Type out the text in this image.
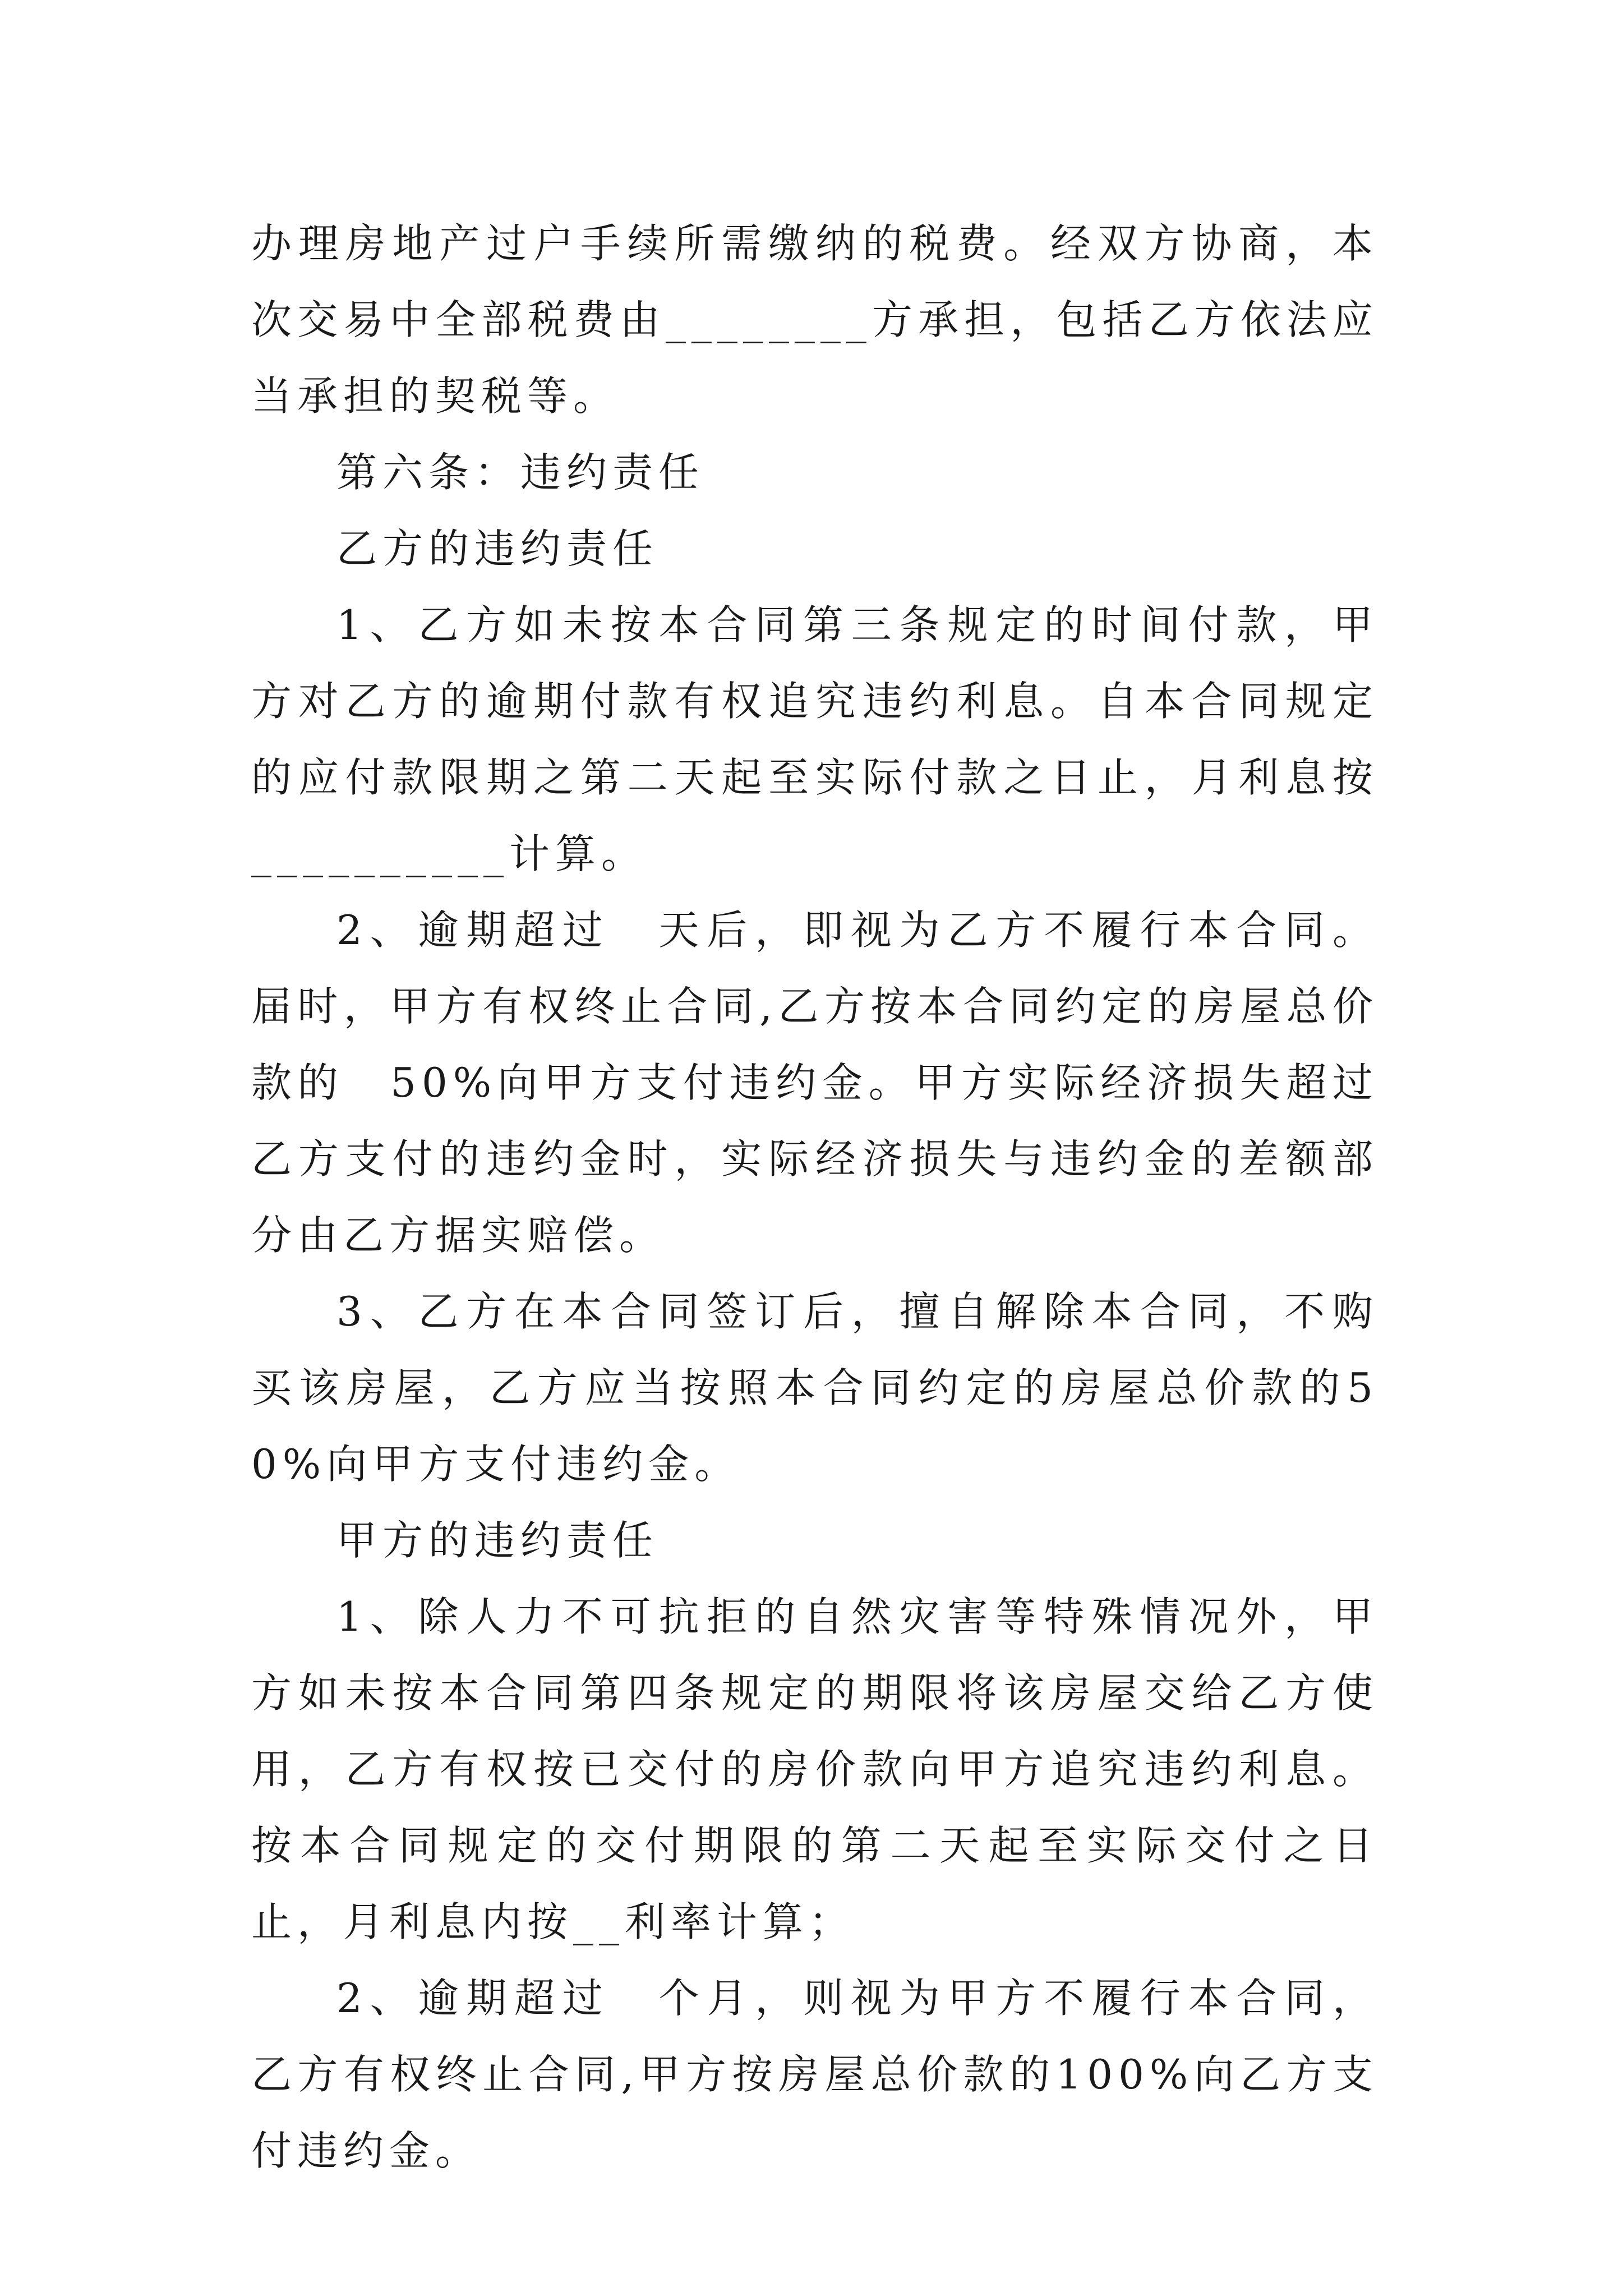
办理房地产过户手续所需缴纳的税费。经双方协商，本次交易中全部税费由________方承担，包括乙方依法应当承担的契税等。

第六条：违约责任

乙方的违约责任

1、乙方如未按本合同第三条规定的时间付款，甲方对乙方的逾期付款有权追究违约利息。自本合同规定的应付款限期之第二天起至实际付款之日止，月利息按__________计算。

2、逾期超过　天后，即视为乙方不履行本合同。届时，甲方有权终止合同,乙方按本合同约定的房屋总价款的　50%向甲方支付违约金。甲方实际经济损失超过乙方支付的违约金时，实际经济损失与违约金的差额部分由乙方据实赔偿。

3、乙方在本合同签订后，擅自解除本合同，不购买该房屋，乙方应当按照本合同约定的房屋总价款的50%向甲方支付违约金。

甲方的违约责任

1、除人力不可抗拒的自然灾害等特殊情况外，甲方如未按本合同第四条规定的期限将该房屋交给乙方使用，乙方有权按已交付的房价款向甲方追究违约利息。按本合同规定的交付期限的第二天起至实际交付之日止，月利息内按__利率计算；

2、逾期超过　个月，则视为甲方不履行本合同，乙方有权终止合同,甲方按房屋总价款的100%向乙方支付违约金。
